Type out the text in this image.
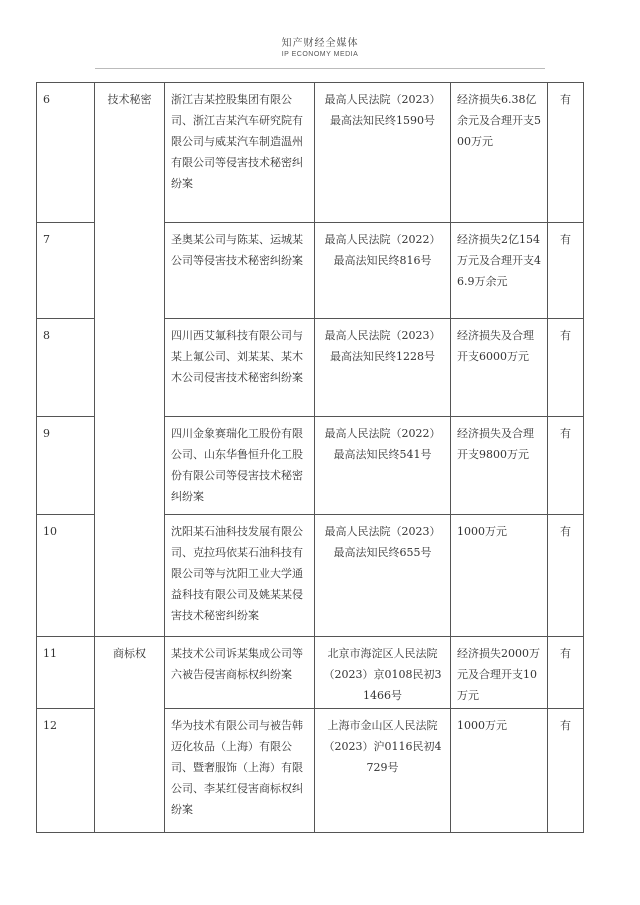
知产财经全媒体
IP ECONOMY MEDIA
6	技术秘密	浙江吉某控股集团有限公司、浙江吉某汽车研究院有限公司与威某汽车制造温州有限公司等侵害技术秘密纠纷案	最高人民法院（2023）最高法知民终1590号	经济损失6.38亿余元及合理开支500万元	有
7		圣奥某公司与陈某、运城某公司等侵害技术秘密纠纷案	最高人民法院（2022）最高法知民终816号	经济损失2亿154万元及合理开支46.9万余元	有
8		四川西艾氟科技有限公司与某上氟公司、刘某某、某木木公司侵害技术秘密纠纷案	最高人民法院（2023）最高法知民终1228号	经济损失及合理开支6000万元	有
9		四川金象赛瑞化工股份有限公司、山东华鲁恒升化工股份有限公司等侵害技术秘密纠纷案	最高人民法院（2022）最高法知民终541号	经济损失及合理开支9800万元	有
10		沈阳某石油科技发展有限公司、克拉玛依某石油科技有限公司等与沈阳工业大学通益科技有限公司及姚某某侵害技术秘密纠纷案	最高人民法院（2023）最高法知民终655号	1000万元	有
11	商标权	某技术公司诉某集成公司等六被告侵害商标权纠纷案	北京市海淀区人民法院（2023）京0108民初31466号	经济损失2000万元及合理开支10万元	有
12		华为技术有限公司与被告韩迈化妆品（上海）有限公司、暨奢服饰（上海）有限公司、李某红侵害商标权纠纷案	上海市金山区人民法院（2023）沪0116民初4729号	1000万元	有
